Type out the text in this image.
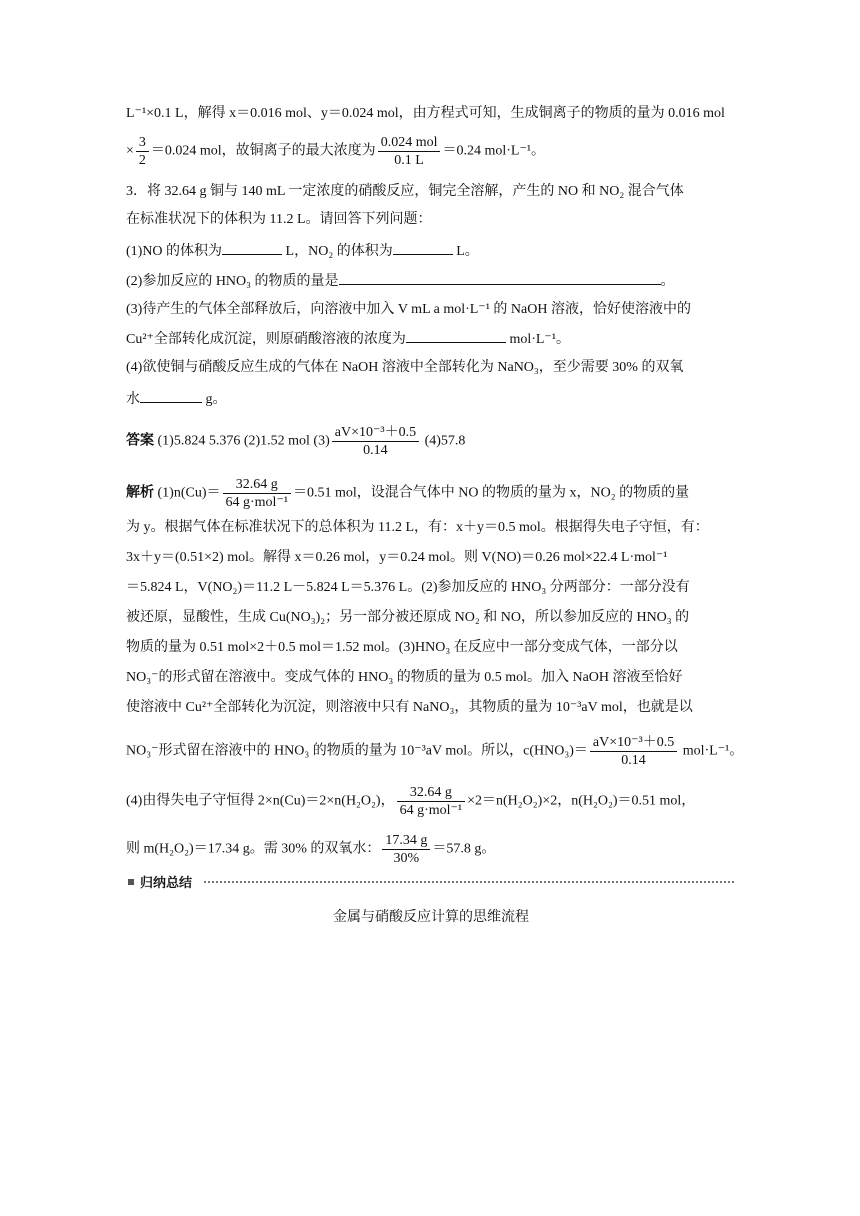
L⁻¹×0.1 L，解得 x＝0.016 mol、y＝0.024 mol，由方程式可知，生成铜离子的物质的量为 0.016 mol
× $\frac{3}{2} =0.024$ mol，故铜离子的最大浓度为 $\frac{\text{0.024 mol}}{0.1 L} =0.24$ mol·L⁻¹。
3．将 32.64 g 铜与 140 mL 一定浓度的硝酸反应，铜完全溶解，产生的 NO 和 NO₂ 混合气体
在标准状况下的体积为 11.2 L。请回答下列问题：
(1)NO 的体积为	L，NO₂ 的体积为	L。
(2)参加反应的 HNO₃ 的物质的量是	。
(3)待产生的气体全部释放后，向溶液中加入 V mL a mol·L⁻¹ 的 NaOH 溶液，恰好使溶液中的
Cu²⁺全部转化成沉淀，则原硝酸溶液的浓度为	mol·L⁻¹。
(4)欲使铜与硝酸反应生成的气体在 NaOH 溶液中全部转化为 NaNO₃，至少需要 30% 的双氧
水	g。
答案 (1)5.824 5.376 (2)1.52 mol $(3) \frac{\text{aV×10⁻³＋0.5}}{0.14} (4)57.8$
解析 $(1)n(Cu)= \frac{32.64 g}{\text{64 g·mol⁻¹}} =0.51$ mol，设混合气体中 NO 的物质的量为 x，NO₂ 的物质的量
为 y。根据气体在标准状况下的总体积为 11.2 L，有：x＋y＝0.5 mol。根据得失电子守恒，有：
3x＋y＝(0.51×2) mol。解得 x＝0.26 mol，y＝0.24 mol。则 V(NO)＝0.26 mol×22.4 L·mol⁻¹
＝5.824 L，V(NO₂)＝11.2 L－5.824 L＝5.376 L。(2)参加反应的 HNO₃ 分两部分：一部分没有
被还原，显酸性，生成 Cu(NO₃)₂；另一部分被还原成 NO₂ 和 NO，所以参加反应的 HNO₃ 的
物质的量为 0.51 mol×2＋0.5 mol＝1.52 mol。(3)HNO₃ 在反应中一部分变成气体，一部分以
NO₃⁻的形式留在溶液中。变成气体的 HNO₃ 的物质的量为 0.5 mol。加入 NaOH 溶液至恰好
使溶液中 Cu²⁺全部转化为沉淀，则溶液中只有 NaNO₃，其物质的量为 10⁻³aV mol，也就是以
NO₃⁻形式留在溶液中的 HNO₃ 的物质的量为 10⁻³aV mol。所以，$c(HNO_3)= \frac{\text{aV×10⁻³＋0.5}}{0.14} mol\cdot L^{-1}$。
(4)由得失电子守恒得 2×n(Cu)＝2×n(H₂O₂)， $\frac{32.64 g}{\text{64 g·mol⁻¹}} \times 2=n(H_2O_2)\times 2$，n(H₂O₂)＝0.51 mol，
则 m(H₂O₂)＝17.34 g。需 30% 的双氧水： $\frac{17.34 g}{30\%} =57.8$ g。
归纳总结
金属与硝酸反应计算的思维流程
